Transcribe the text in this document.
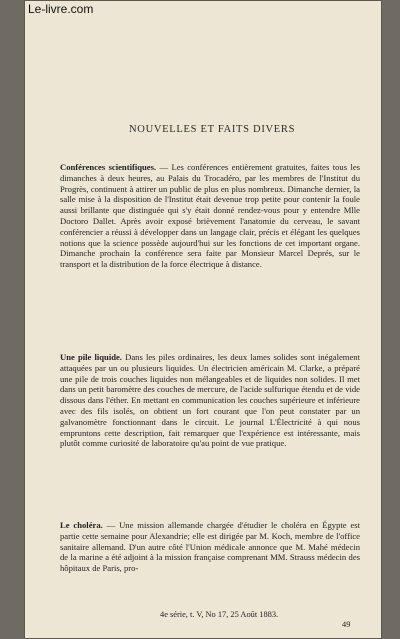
Le-livre.com
NOUVELLES ET FAITS DIVERS

Conférences scientifiques. — Les conférences entièrement gratuites, faites tous les dimanches à deux heures, au Palais du Trocadéro, par les membres de l'Institut du Progrès, continuent à attirer un public de plus en plus nombreux. Dimanche dernier, la salle mise à la disposition de l'Institut était devenue trop petite pour contenir la foule aussi brillante que distinguée qui s'y était donné rendez-vous pour y entendre Mlle Doctoro Dallet. Après avoir exposé brièvement l'anatomie du cerveau, le savant conférencier a réussi à développer dans un langage clair, précis et élégant les quelques notions que la science possède aujourd'hui sur les fonctions de cet important organe. Dimanche prochain la conférence sera faite par Monsieur Marcel Deprés, sur le transport et la distribution de la force électrique à distance.

Une pile liquide. Dans les piles ordinaires, les deux lames solides sont inégalement attaquées par un ou plusieurs liquides. Un électricien américain M. Clarke, a préparé une pile de trois couches liquides non mélangeables et de liquides non solides. Il met dans un petit baromètre des couches de mercure, de l'acide sulfurique étendu et de vide dissous dans l'éther. En mettant en communication les couches supérieure et inférieure avec des fils isolés, on obtient un fort courant que l'on peut constater par un galvanomètre fonctionnant dans le circuit. Le journal L'Électricité à qui nous empruntons cette description, fait remarquer que l'expérience est intéressante, mais plutôt comme curiosité de laboratoire qu'au point de vue pratique.

Le choléra. — Une mission allemande chargée d'étudier le choléra en Égypte est partie cette semaine pour Alexandrie; elle est dirigée par M. Koch, membre de l'office sanitaire allemand. D'un autre côté l'Union médicale annonce que M. Mahé médecin de la marine a été adjoint à la mission française comprenant MM. Strauss médecin des hôpitaux de Paris, pro-

4e série, t. V, No 17, 25 Août 1883.
49
